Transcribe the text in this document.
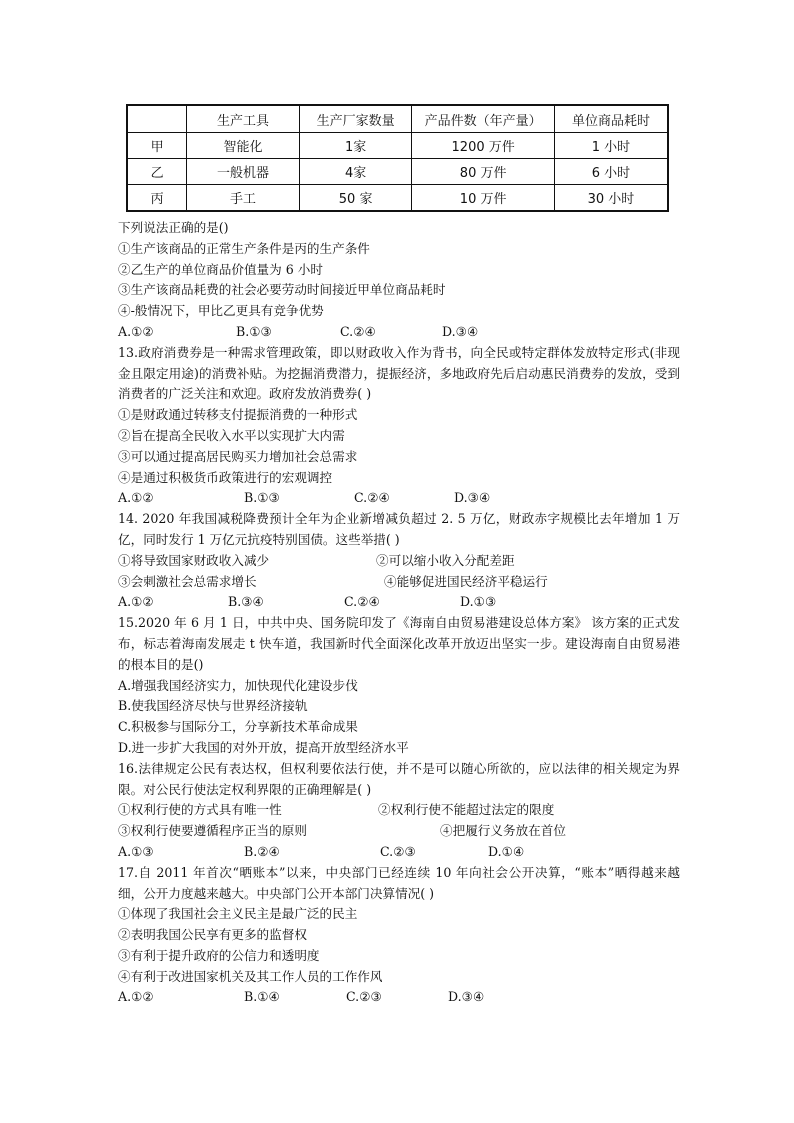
	生产工具	生产厂家数量	产品件数（年产量）	单位商品耗时
甲	智能化	1家	1200 万件	1 小时
乙	一般机器	4家	80 万件	6 小时
丙	手工	50 家	10 万件	30 小时
下列说法正确的是()
①生产该商品的正常生产条件是丙的生产条件
②乙生产的单位商品价值量为 6 小时
③生产该商品耗费的社会必要劳动时间接近甲单位商品耗时
④-般情况下，甲比乙更具有竞争优势
A.①②	B.①③	C.②④	D.③④
13.政府消费券是一种需求管理政策，即以财政收入作为背书，向全民或特定群体发放特定形式(非现金且限定用途)的消费补贴。为挖掘消费潜力，提振经济，多地政府先后启动惠民消费券的发放，受到消费者的广泛关注和欢迎。政府发放消费券( )
①是财政通过转移支付提振消费的一种形式
②旨在提高全民收入水平以实现扩大内需
③可以通过提高居民购买力增加社会总需求
④是通过积极货币政策进行的宏观调控
A.①②	B.①③	C.②④	D.③④
14. 2020 年我国减税降费预计全年为企业新增减负超过 2. 5 万亿，财政赤字规模比去年增加 1 万亿，同时发行 1 万亿元抗疫特别国债。这些举措( )
①将导致国家财政收入减少	②可以缩小收入分配差距
③会刺激社会总需求增长	④能够促进国民经济平稳运行
A.①②	B.③④	C.②④	D.①③
15.2020 年 6 月 1 日，中共中央、国务院印发了《海南自由贸易港建设总体方案》 该方案的正式发布，标志着海南发展走 t 快车道，我国新时代全面深化改革开放迈出坚实一步。建设海南自由贸易港的根本目的是()
A.增强我国经济实力，加快现代化建设步伐
B.使我国经济尽快与世界经济接轨
C.积极参与国际分工，分享新技术革命成果
D.进一步扩大我国的对外开放，提高开放型经济水平
16.法律规定公民有表达权，但权利要依法行使，并不是可以随心所欲的，应以法律的相关规定为界限。对公民行使法定权利界限的正确理解是( )
①权利行使的方式具有唯一性	②权利行使不能超过法定的限度
③权利行使要遵循程序正当的原则	④把履行义务放在首位
A.①③	B.②④	C.②③	D.①④
17.自 2011 年首次“晒账本”以来，中央部门已经连续 10 年向社会公开决算，“账本”晒得越来越细，公开力度越来越大。中央部门公开本部门决算情况( )
①体现了我国社会主义民主是最广泛的民主
②表明我国公民享有更多的监督权
③有利于提升政府的公信力和透明度
④有利于改进国家机关及其工作人员的工作作风
A.①②	B.①④	C.②③	D.③④
